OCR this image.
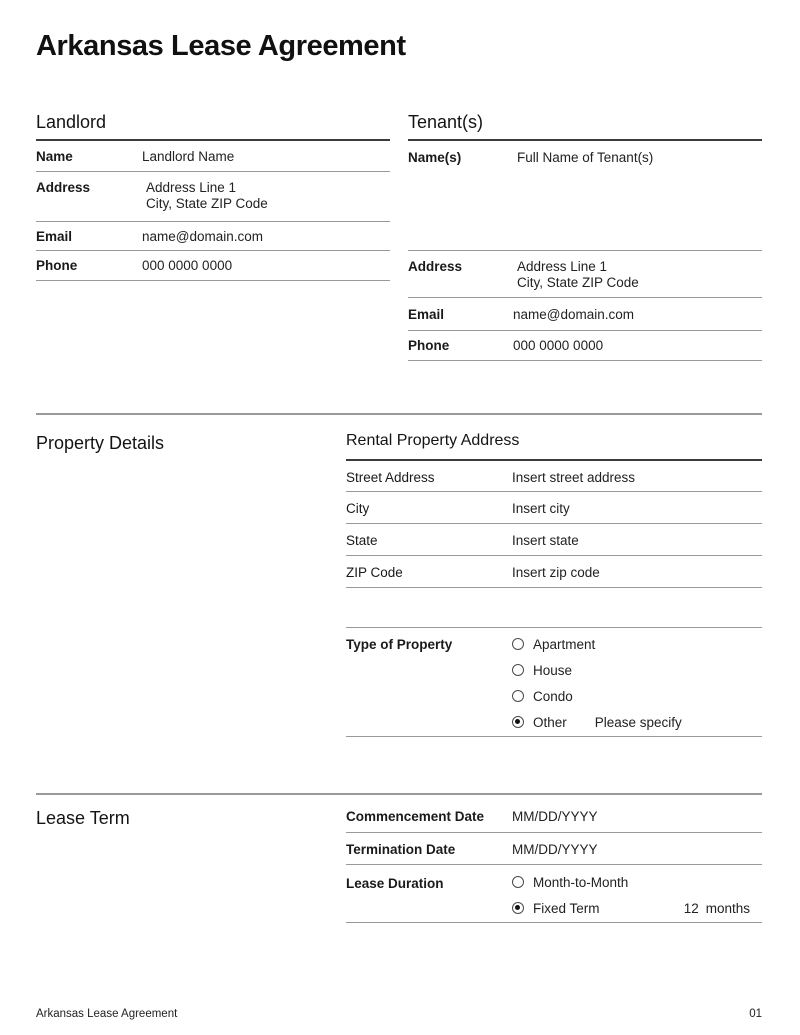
Arkansas Lease Agreement
Landlord
Name	Landlord Name
Address	Address Line 1
City, State ZIP Code
Email	name@domain.com
Phone	000 0000 0000
Tenant(s)
Name(s)	Full Name of Tenant(s)
Address	Address Line 1
City, State ZIP Code
Email	name@domain.com
Phone	000 0000 0000
Property Details	Rental Property Address
Street Address	Insert street address
City	Insert city
State	Insert state
ZIP Code	Insert zip code
Type of Property	Apartment
House
Condo
Other Please specify
Lease Term	Commencement Date	MM/DD/YYYY
Termination Date	MM/DD/YYYY
Lease Duration	Month-to-Month
Fixed Term	12 months
Arkansas Lease Agreement	01
